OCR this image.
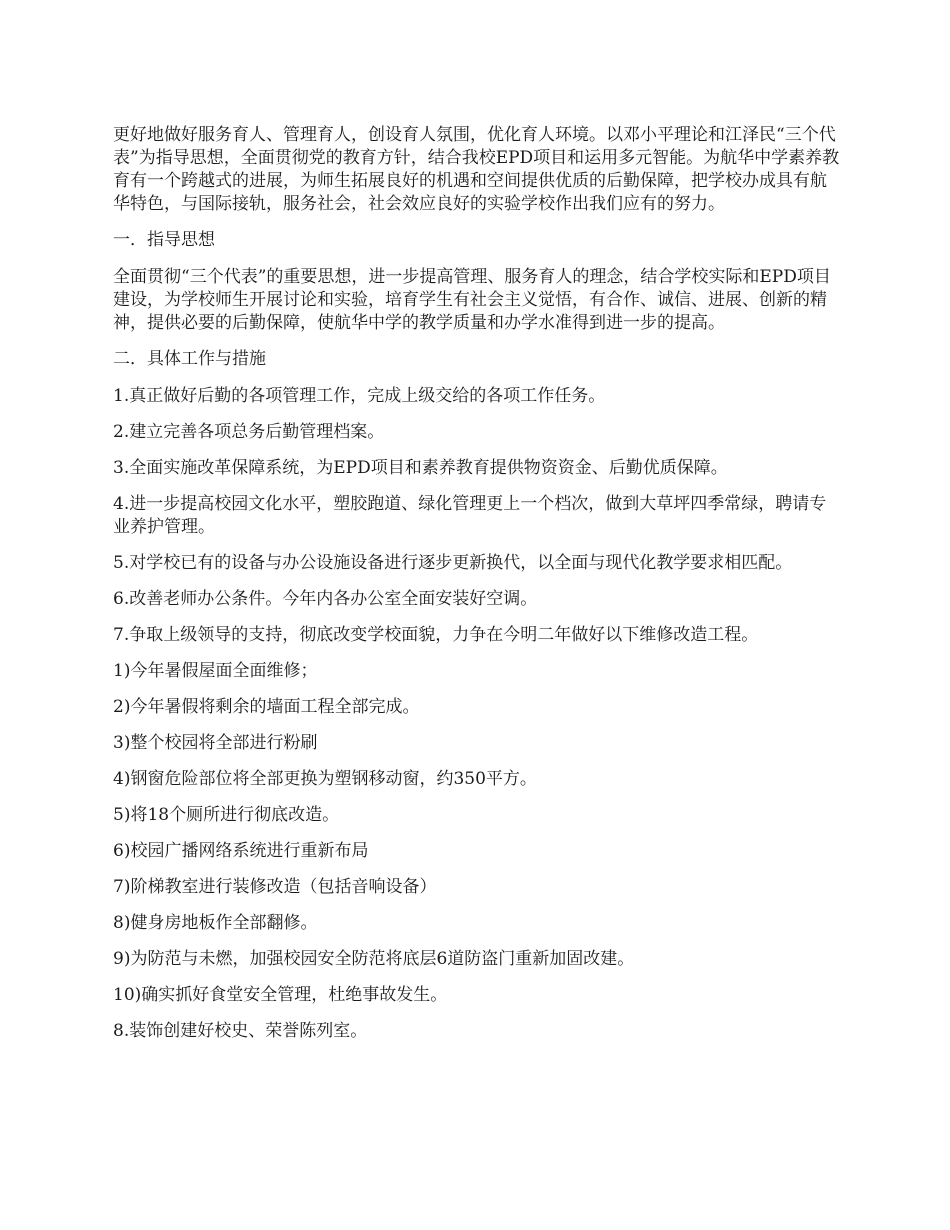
更好地做好服务育人、管理育人，创设育人氛围，优化育人环境。以邓小平理论和江泽民“三个代表”为指导思想，全面贯彻党的教育方针，结合我校EPD项目和运用多元智能。为航华中学素养教育有一个跨越式的进展，为师生拓展良好的机遇和空间提供优质的后勤保障，把学校办成具有航华特色，与国际接轨，服务社会，社会效应良好的实验学校作出我们应有的努力。

一．指导思想

全面贯彻“三个代表”的重要思想，进一步提高管理、服务育人的理念，结合学校实际和EPD项目建设，为学校师生开展讨论和实验，培育学生有社会主义觉悟，有合作、诚信、进展、创新的精神，提供必要的后勤保障，使航华中学的教学质量和办学水准得到进一步的提高。

二．具体工作与措施

1.真正做好后勤的各项管理工作，完成上级交给的各项工作任务。

2.建立完善各项总务后勤管理档案。

3.全面实施改革保障系统，为EPD项目和素养教育提供物资资金、后勤优质保障。

4.进一步提高校园文化水平，塑胶跑道、绿化管理更上一个档次，做到大草坪四季常绿，聘请专业养护管理。

5.对学校已有的设备与办公设施设备进行逐步更新换代，以全面与现代化教学要求相匹配。

6.改善老师办公条件。今年内各办公室全面安装好空调。

7.争取上级领导的支持，彻底改变学校面貌，力争在今明二年做好以下维修改造工程。

1)今年暑假屋面全面维修；

2)今年暑假将剩余的墙面工程全部完成。

3)整个校园将全部进行粉刷

4)钢窗危险部位将全部更换为塑钢移动窗，约350平方。

5)将18个厕所进行彻底改造。

6)校园广播网络系统进行重新布局

7)阶梯教室进行装修改造（包括音响设备）

8)健身房地板作全部翻修。

9)为防范与未燃，加强校园安全防范将底层6道防盗门重新加固改建。

10)确实抓好食堂安全管理，杜绝事故发生。

8.装饰创建好校史、荣誉陈列室。
